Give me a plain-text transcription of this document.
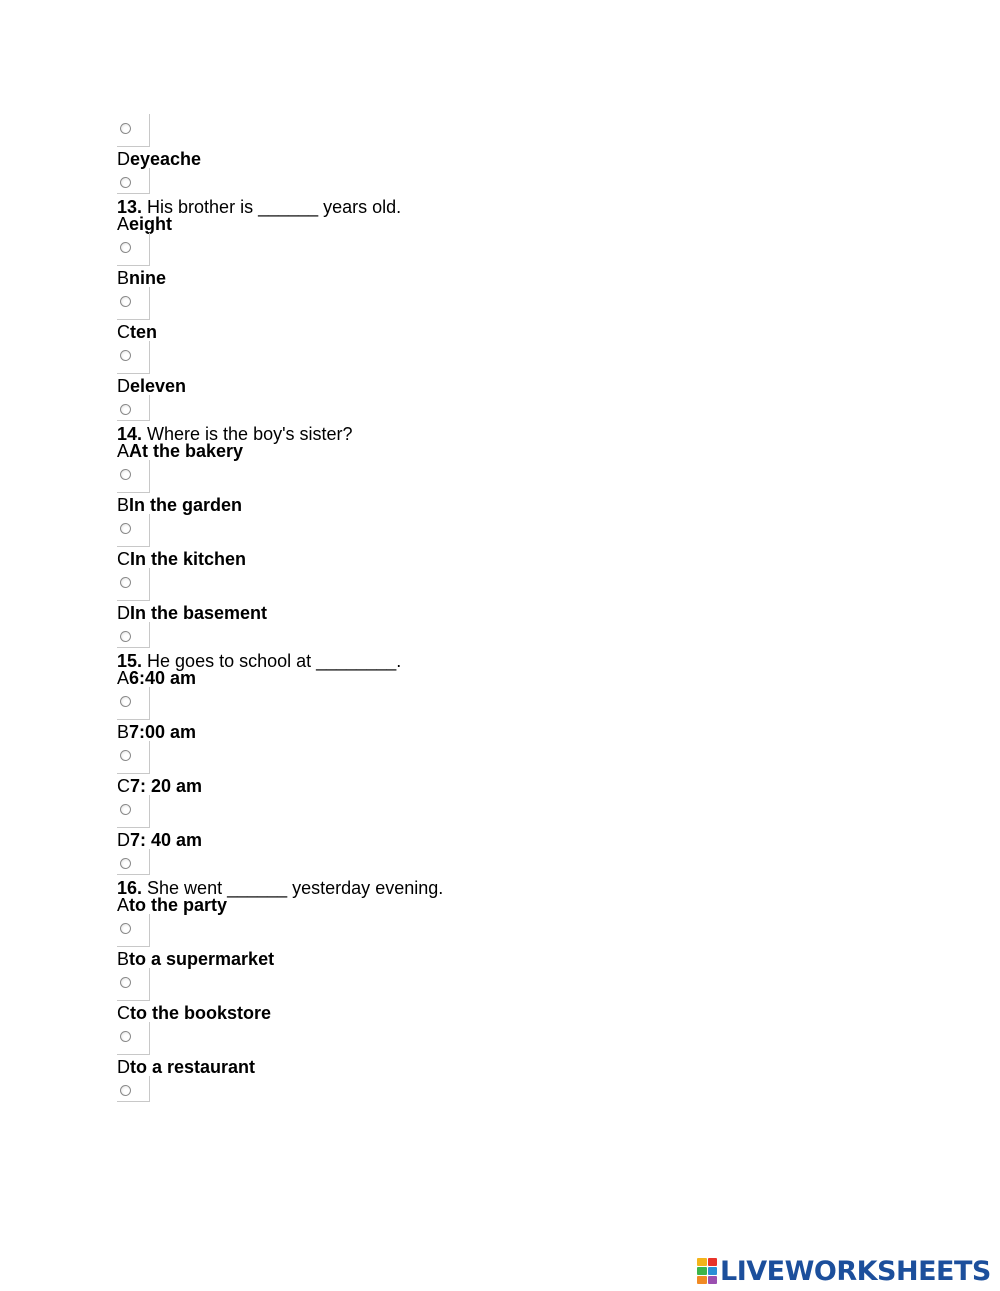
Deyeache
13. His brother is ______ years old.
Aeight
Bnine
Cten
Deleven
14. Where is the boy's sister?
AAt the bakery
BIn the garden
CIn the kitchen
DIn the basement
15. He goes to school at ________.
A6:40 am
B7:00 am
C7: 20 am
D7: 40 am
16. She went ______ yesterday evening.
Ato the party
Bto a supermarket
Cto the bookstore
Dto a restaurant
LIVEWORKSHEETS
